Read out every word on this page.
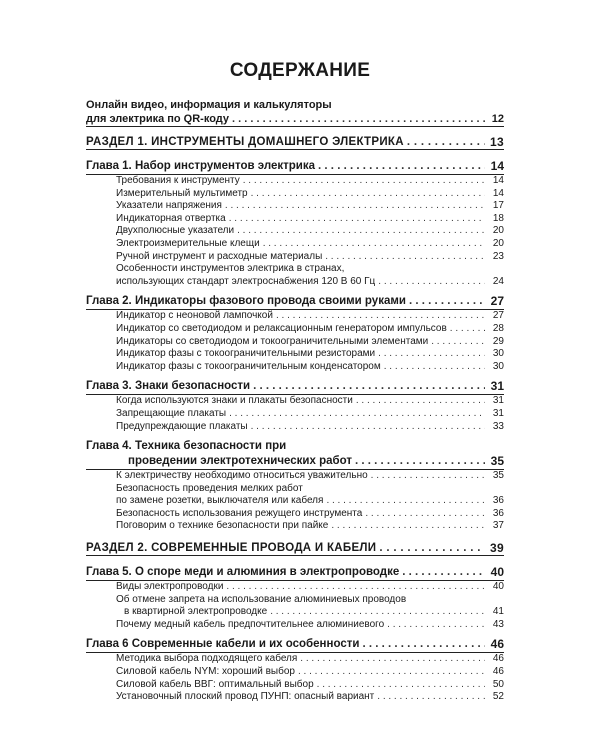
СОДЕРЖАНИЕ
Онлайн видео, информация и калькуляторы
для электрика по QR-коду . . .	12
РАЗДЕЛ 1. ИНСТРУМЕНТЫ ДОМАШНЕГО ЭЛЕКТРИКА . . .	13
Глава 1. Набор инструментов электрика . . .	14
Требования к инструменту . . .	14
Измерительный мультиметр . . .	14
Указатели напряжения . . .	17
Индикаторная отвертка . . .	18
Двухполюсные указатели . . .	20
Электроизмерительные клещи . . .	20
Ручной инструмент и расходные материалы . . .	23
Особенности инструментов электрика в странах,
использующих стандарт электроснабжения 120 В 60 Гц . . .	24
Глава 2. Индикаторы фазового провода своими руками . . .	27
Индикатор с неоновой лампочкой . . .	27
Индикатор со светодиодом и релаксационным генератором импульсов . . .	28
Индикаторы со светодиодом и токоограничительными элементами . . .	29
Индикатор фазы с токоограничительными резисторами . . .	30
Индикатор фазы с токоограничительным конденсатором . . .	30
Глава 3. Знаки безопасности . . .	31
Когда используются знаки и плакаты безопасности . . .	31
Запрещающие плакаты . . .	31
Предупреждающие плакаты . . .	33
Глава 4. Техника безопасности при
проведении электротехнических работ . . .	35
К электричеству необходимо относиться уважительно . . .	35
Безопасность проведения мелких работ
по замене розетки, выключателя или кабеля . . .	36
Безопасность использования режущего инструмента . . .	36
Поговорим о технике безопасности при пайке . . .	37
РАЗДЕЛ 2. СОВРЕМЕННЫЕ ПРОВОДА И КАБЕЛИ . . .	39
Глава 5. О споре меди и алюминия в электропроводке . . .	40
Виды электропроводки . . .	40
Об отмене запрета на использование алюминиевых проводов
в квартирной электропроводке . . .	41
Почему медный кабель предпочтительнее алюминиевого . . .	43
Глава 6 Современные кабели и их особенности . . .	46
Методика выбора подходящего кабеля . . .	46
Силовой кабель NYM: хороший выбор . . .	46
Силовой кабель ВВГ: оптимальный выбор . . .	50
Установочный плоский провод ПУНП: опасный вариант . . .	52
